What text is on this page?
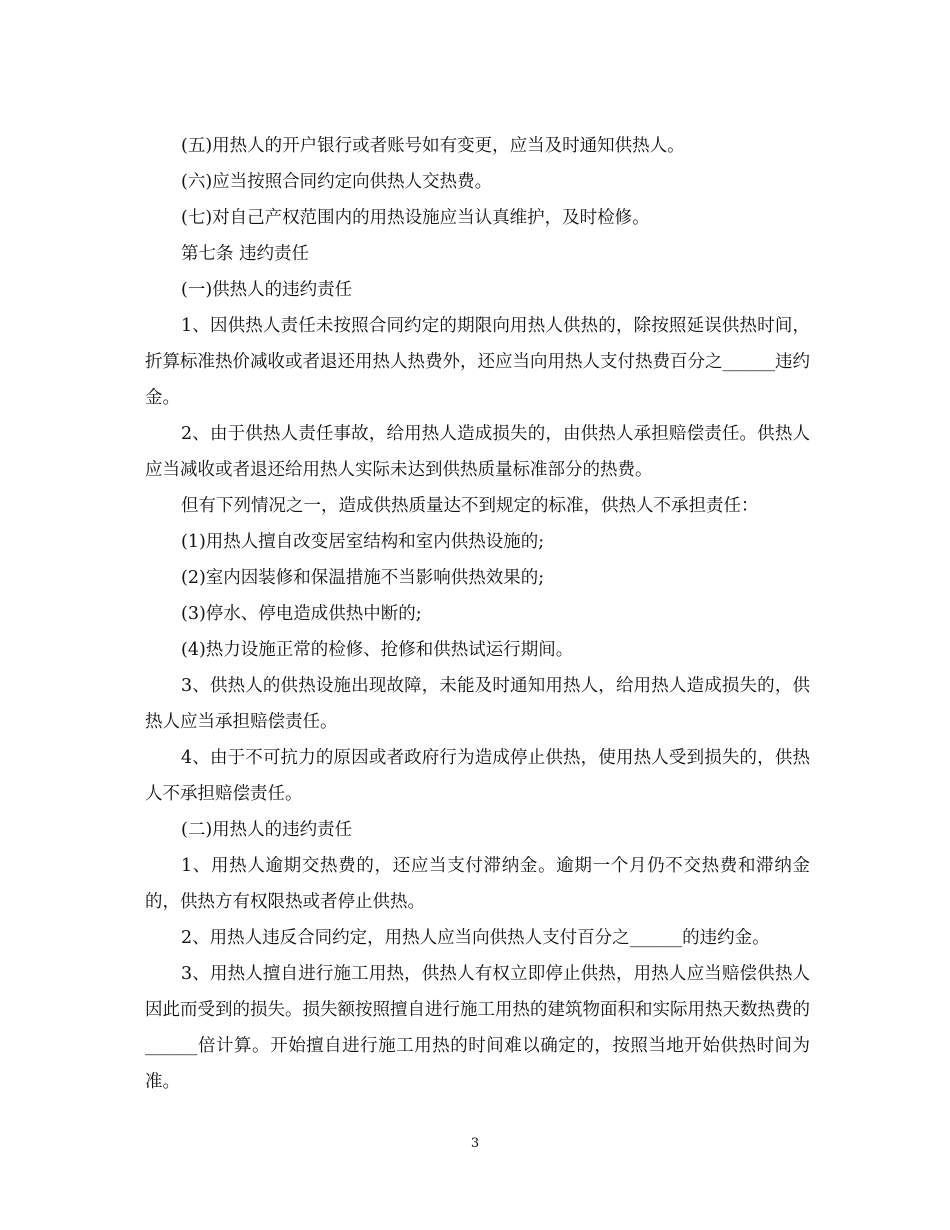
(五)用热人的开户银行或者账号如有变更，应当及时通知供热人。

(六)应当按照合同约定向供热人交热费。

(七)对自己产权范围内的用热设施应当认真维护，及时检修。

第七条 违约责任

(一)供热人的违约责任

1、因供热人责任未按照合同约定的期限向用热人供热的，除按照延误供热时间，折算标准热价减收或者退还用热人热费外，还应当向用热人支付热费百分之______违约金。

2、由于供热人责任事故，给用热人造成损失的，由供热人承担赔偿责任。供热人应当减收或者退还给用热人实际未达到供热质量标准部分的热费。

但有下列情况之一，造成供热质量达不到规定的标准，供热人不承担责任：

(1)用热人擅自改变居室结构和室内供热设施的;

(2)室内因装修和保温措施不当影响供热效果的;

(3)停水、停电造成供热中断的;

(4)热力设施正常的检修、抢修和供热试运行期间。

3、供热人的供热设施出现故障，未能及时通知用热人，给用热人造成损失的，供热人应当承担赔偿责任。

4、由于不可抗力的原因或者政府行为造成停止供热，使用热人受到损失的，供热人不承担赔偿责任。

(二)用热人的违约责任

1、用热人逾期交热费的，还应当支付滞纳金。逾期一个月仍不交热费和滞纳金的，供热方有权限热或者停止供热。

2、用热人违反合同约定，用热人应当向供热人支付百分之______的违约金。

3、用热人擅自进行施工用热，供热人有权立即停止供热，用热人应当赔偿供热人因此而受到的损失。损失额按照擅自进行施工用热的建筑物面积和实际用热天数热费的______倍计算。开始擅自进行施工用热的时间难以确定的，按照当地开始供热时间为准。

3
